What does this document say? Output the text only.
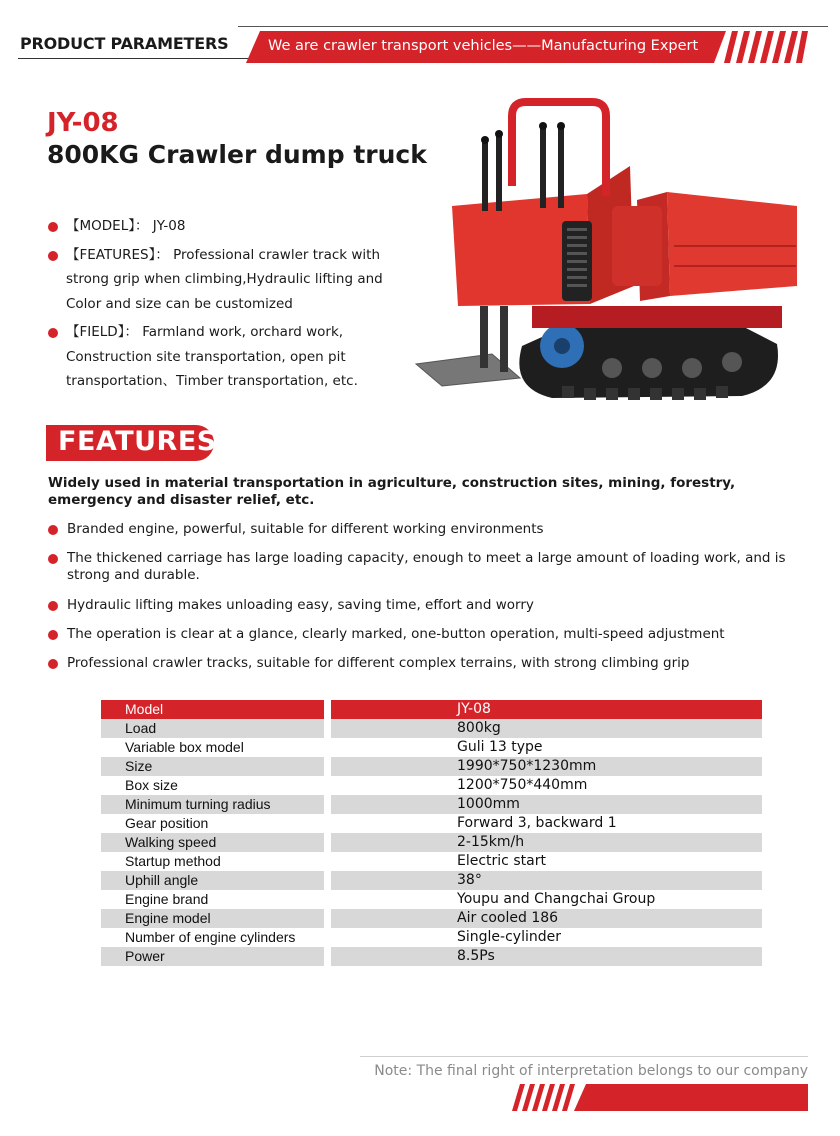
PRODUCT PARAMETERS	We are crawler transport vehicles——Manufacturing Expert
JY-08
800KG Crawler dump truck
【MODEL】： JY-08
【FEATURES】： Professional crawler track with strong grip when climbing,Hydraulic lifting and Color and size can be customized
【FIELD】： Farmland work, orchard work, Construction site transportation, open pit transportation、Timber transportation, etc.
FEATURES
Widely used in material transportation in agriculture, construction sites, mining, forestry, emergency and disaster relief, etc.
Branded engine, powerful, suitable for different working environments
The thickened carriage has large loading capacity, enough to meet a large amount of loading work, and is strong and durable.
Hydraulic lifting makes unloading easy, saving time, effort and worry
The operation is clear at a glance, clearly marked, one-button operation, multi-speed adjustment
Professional crawler tracks, suitable for different complex terrains, with strong climbing grip
Model	JY-08
Load	800kg
Variable box model	Guli 13 type
Size	1990*750*1230mm
Box size	1200*750*440mm
Minimum turning radius	1000mm
Gear position	Forward 3, backward 1
Walking speed	2-15km/h
Startup method	Electric start
Uphill angle	38°
Engine brand	Youpu and Changchai Group
Engine model	Air cooled 186
Number of engine cylinders	Single-cylinder
Power	8.5Ps
Note: The final right of interpretation belongs to our company
